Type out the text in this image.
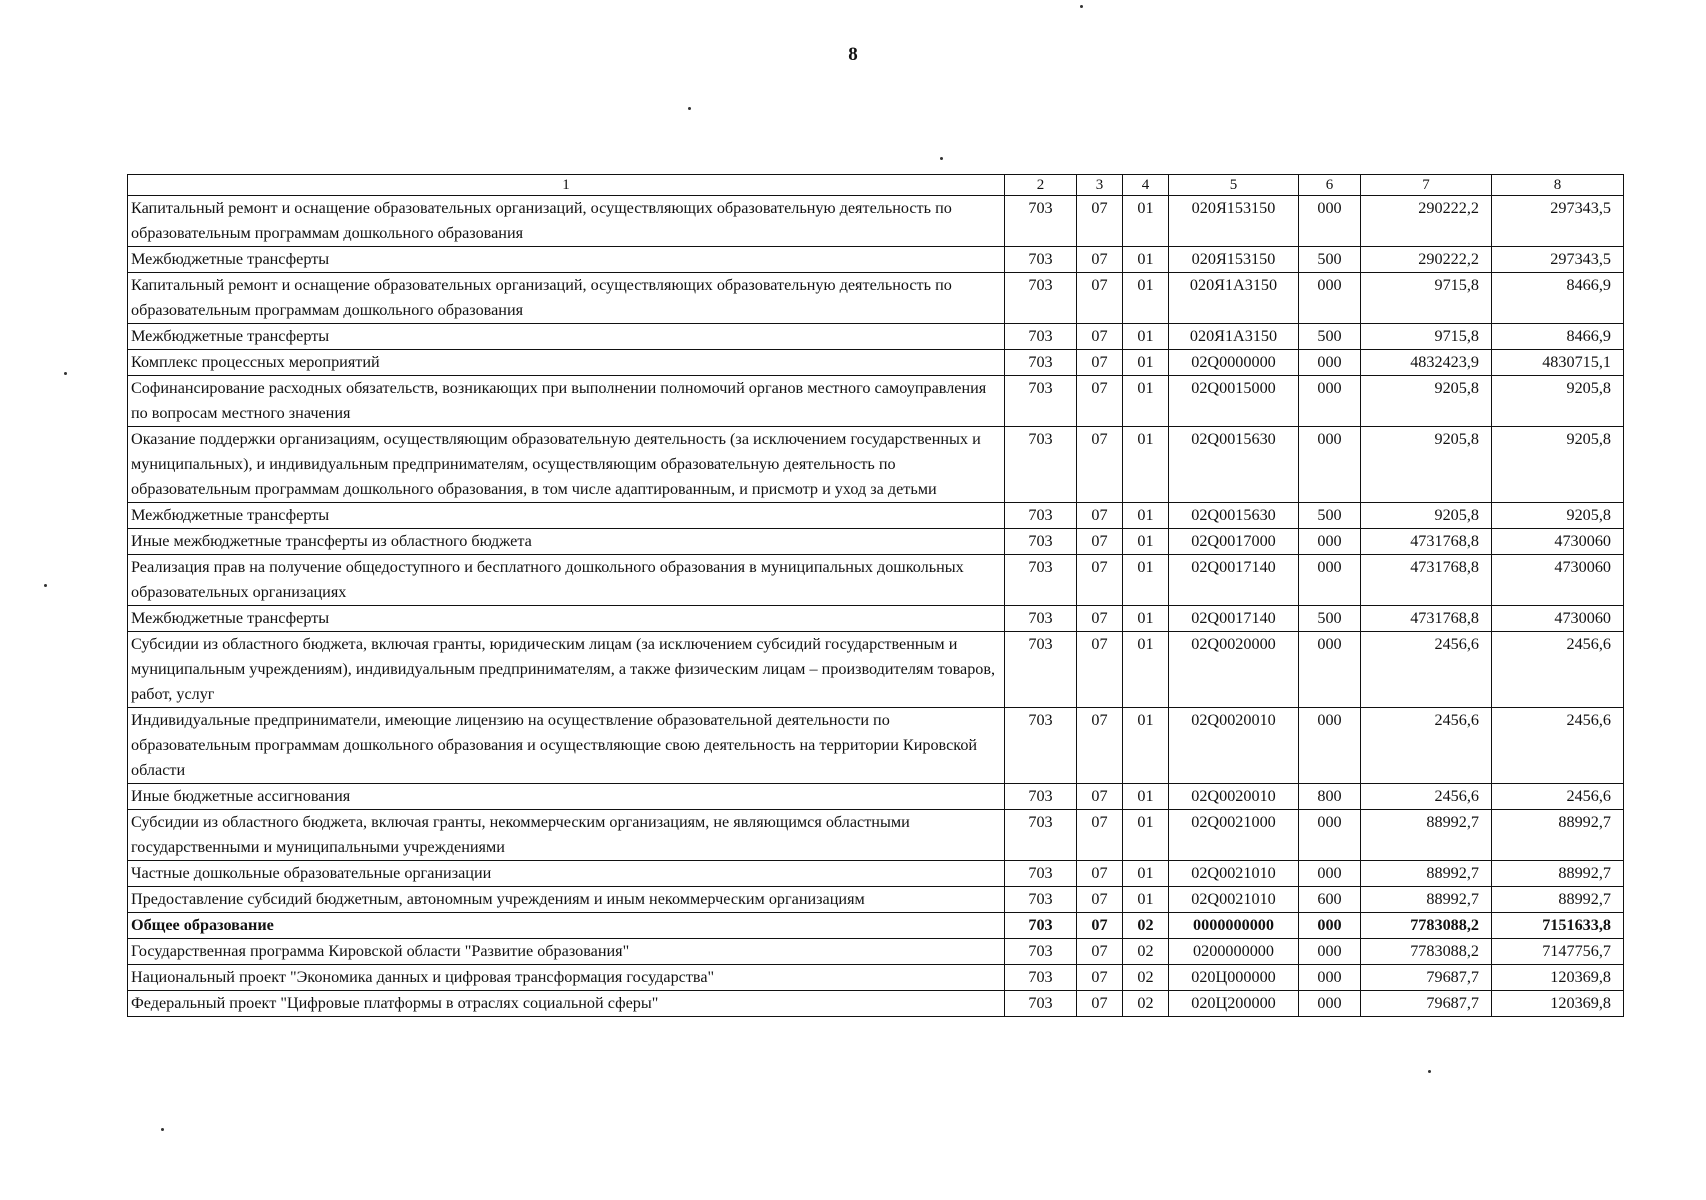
8
1	2	3	4	5	6	7	8
Капитальный ремонт и оснащение образовательных организаций, осуществляющих образовательную деятельность по образовательным программам дошкольного образования	703	07	01	020Я153150	000	290222,2	297343,5
Межбюджетные трансферты	703	07	01	020Я153150	500	290222,2	297343,5
Капитальный ремонт и оснащение образовательных организаций, осуществляющих образовательную деятельность по образовательным программам дошкольного образования	703	07	01	020Я1А3150	000	9715,8	8466,9
Межбюджетные трансферты	703	07	01	020Я1А3150	500	9715,8	8466,9
Комплекс процессных мероприятий	703	07	01	02Q0000000	000	4832423,9	4830715,1
Софинансирование расходных обязательств, возникающих при выполнении полномочий органов местного самоуправления по вопросам местного значения	703	07	01	02Q0015000	000	9205,8	9205,8
Оказание поддержки организациям, осуществляющим образовательную деятельность (за исключением государственных и муниципальных), и индивидуальным предпринимателям, осуществляющим образовательную деятельность по образовательным программам дошкольного образования, в том числе адаптированным, и присмотр и уход за детьми	703	07	01	02Q0015630	000	9205,8	9205,8
Межбюджетные трансферты	703	07	01	02Q0015630	500	9205,8	9205,8
Иные межбюджетные трансферты из областного бюджета	703	07	01	02Q0017000	000	4731768,8	4730060
Реализация прав на получение общедоступного и бесплатного дошкольного образования в муниципальных дошкольных образовательных организациях	703	07	01	02Q0017140	000	4731768,8	4730060
Межбюджетные трансферты	703	07	01	02Q0017140	500	4731768,8	4730060
Субсидии из областного бюджета, включая гранты, юридическим лицам (за исключением субсидий государственным и муниципальным учреждениям), индивидуальным предпринимателям, а также физическим лицам – производителям товаров, работ, услуг	703	07	01	02Q0020000	000	2456,6	2456,6
Индивидуальные предприниматели, имеющие лицензию на осуществление образовательной деятельности по образовательным программам дошкольного образования и осуществляющие свою деятельность на территории Кировской области	703	07	01	02Q0020010	000	2456,6	2456,6
Иные бюджетные ассигнования	703	07	01	02Q0020010	800	2456,6	2456,6
Субсидии из областного бюджета, включая гранты, некоммерческим организациям, не являющимся областными государственными и муниципальными учреждениями	703	07	01	02Q0021000	000	88992,7	88992,7
Частные дошкольные образовательные организации	703	07	01	02Q0021010	000	88992,7	88992,7
Предоставление субсидий бюджетным, автономным учреждениям и иным некоммерческим организациям	703	07	01	02Q0021010	600	88992,7	88992,7
Общее образование	703	07	02	0000000000	000	7783088,2	7151633,8
Государственная программа Кировской области "Развитие образования"	703	07	02	0200000000	000	7783088,2	7147756,7
Национальный проект "Экономика данных и цифровая трансформация государства"	703	07	02	020Ц000000	000	79687,7	120369,8
Федеральный проект "Цифровые платформы в отраслях социальной сферы"	703	07	02	020Ц200000	000	79687,7	120369,8
